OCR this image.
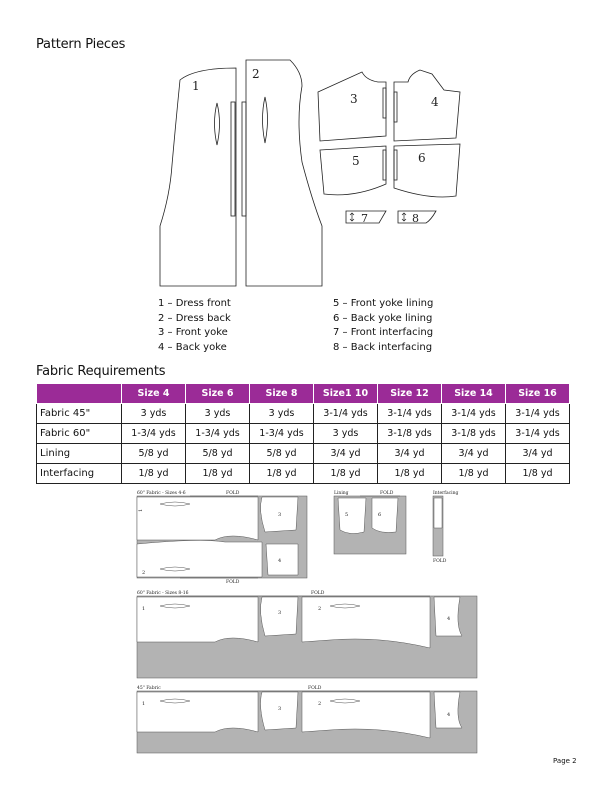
Pattern Pieces
Fabric Requirements
1
2
3	4
5	6
7	8
1 – Dress front
2 – Dress back
3 – Front yoke
4 – Back yoke
5 – Front yoke lining
6 – Back yoke lining
7 – Front interfacing
8 – Back interfacing
	Size 4	Size 6	Size 8	Size1 10	Size 12	Size 14	Size 16
Fabric 45"	3 yds	3 yds	3 yds	3-1/4 yds	3-1/4 yds	3-1/4 yds	3-1/4 yds
Fabric 60"	1-3/4 yds	1-3/4 yds	1-3/4 yds	3 yds	3-1/8 yds	3-1/8 yds	3-1/4 yds
Lining	5/8 yd	5/8 yd	5/8 yd	3/4 yd	3/4 yd	3/4 yd	3/4 yd
Interfacing	1/8 yd	1/8 yd	1/8 yd	1/8 yd	1/8 yd	1/8 yd	1/8 yd
60" Fabric - Sizes 4-6	FOLD
FOLD
Lining	FOLD	Interfacing
FOLD
60" Fabric - Sizes 8-16	FOLD
45" Fabric	FOLD
1
3
2
4
5	6
1
3
2
4
1
3
2
4
Page 2
